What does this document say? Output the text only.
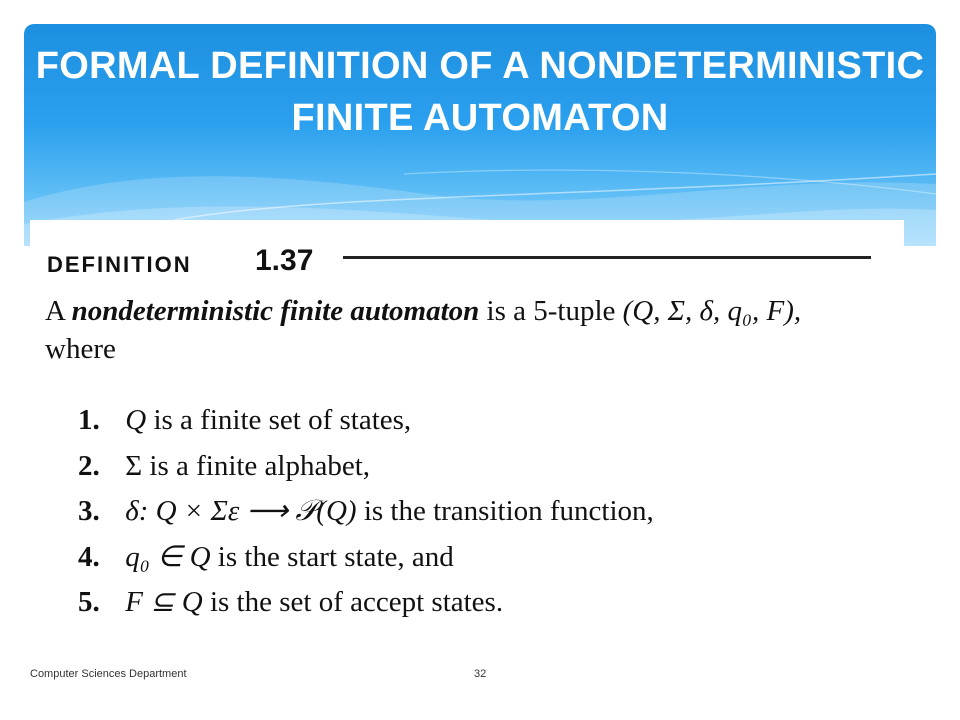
FORMAL DEFINITION OF A NONDETERMINISTIC FINITE AUTOMATON
DEFINITION 1.37

A nondeterministic finite automaton is a 5-tuple (Q, Σ, δ, q₀, F),
where

1. Q is a finite set of states,
2. Σ is a finite alphabet,
3. δ: Q × Σε ⟶ 𝒫(Q) is the transition function,
4. q₀ ∈ Q is the start state, and
5. F ⊆ Q is the set of accept states.
Computer Sciences Department	32
